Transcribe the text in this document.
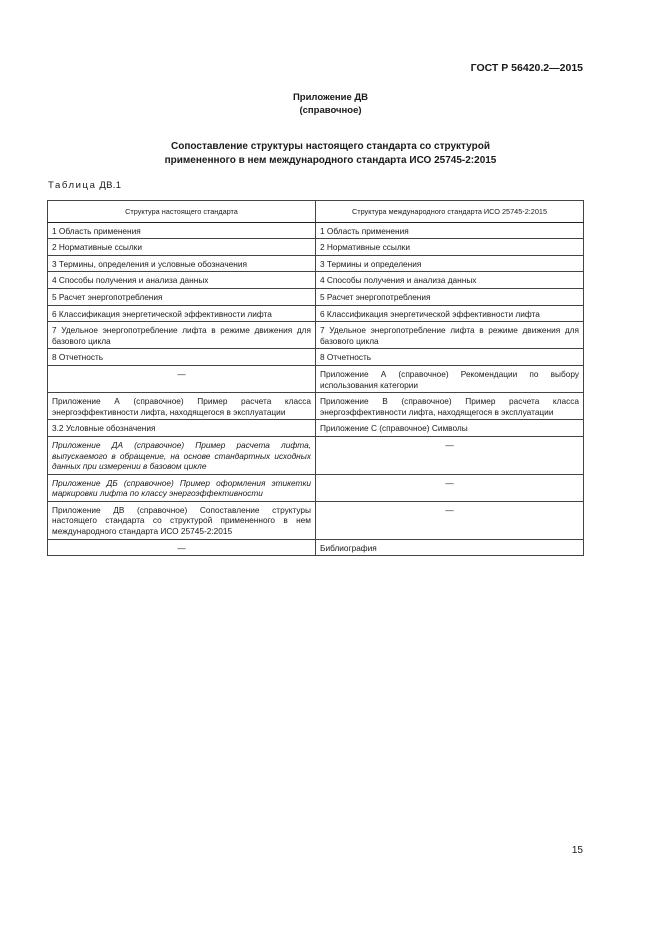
ГОСТ Р 56420.2—2015
Приложение ДВ
(справочное)
Сопоставление структуры настоящего стандарта со структурой
примененного в нем международного стандарта ИСО 25745-2:2015
Таблица ДВ.1
Структура настоящего стандарта	Структура международного стандарта ИСО 25745-2:2015
1 Область применения	1 Область применения
2 Нормативные ссылки	2 Нормативные ссылки
3 Термины, определения и условные обозначения	3 Термины и определения
4 Способы получения и анализа данных	4 Способы получения и анализа данных
5 Расчет энергопотребления	5 Расчет энергопотребления
6 Классификация энергетической эффективности лифта	6 Классификация энергетической эффективности лифта
7 Удельное энергопотребление лифта в режиме движения для базового цикла	7 Удельное энергопотребление лифта в режиме движения для базового цикла
8 Отчетность	8 Отчетность
—	Приложение А (справочное) Рекомендации по выбору использования категории
Приложение А (справочное) Пример расчета класса энергоэффективности лифта, находящегося в эксплуатации	Приложение В (справочное) Пример расчета класса энергоэффективности лифта, находящегося в эксплуатации
3.2 Условные обозначения	Приложение С (справочное) Символы
Приложение ДА (справочное) Пример расчета лифта, выпускаемого в обращение, на основе стандартных исходных данных при измерении в базовом цикле	—
Приложение ДБ (справочное) Пример оформления этикетки маркировки лифта по классу энергоэффективности	—
Приложение ДВ (справочное) Сопоставление структуры настоящего стандарта со структурой примененного в нем международного стандарта ИСО 25745-2:2015	—
—	Библиография
15
